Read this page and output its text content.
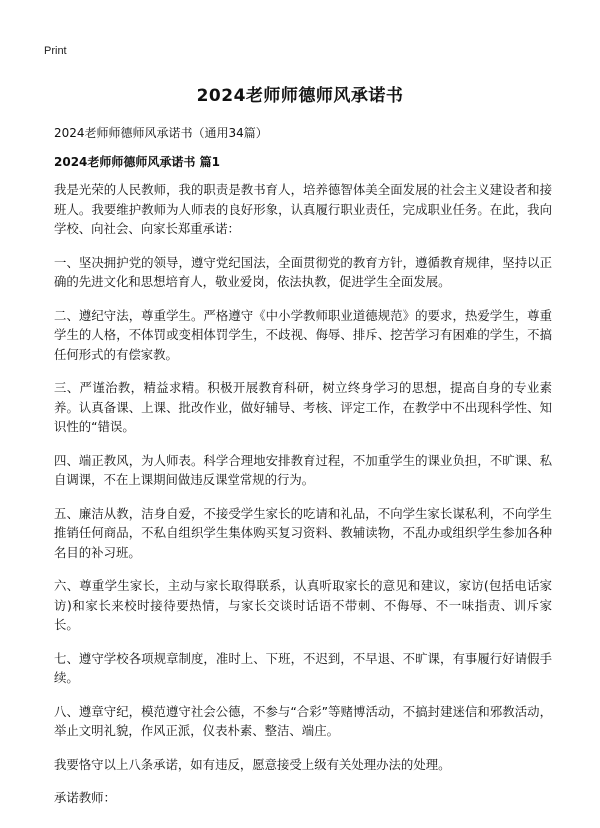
Print
2024老师师德师风承诺书
2024老师师德师风承诺书（通用34篇）
2024老师师德师风承诺书 篇1

我是光荣的人民教师，我的职责是教书育人，培养德智体美全面发展的社会主义建设者和接班人。我要维护教师为人师表的良好形象，认真履行职业责任，完成职业任务。在此，我向学校、向社会、向家长郑重承诺：

一、坚决拥护党的领导，遵守党纪国法，全面贯彻党的教育方针，遵循教育规律，坚持以正确的先进文化和思想培育人，敬业爱岗，依法执教，促进学生全面发展。

二、遵纪守法，尊重学生。严格遵守《中小学教师职业道德规范》的要求，热爱学生，尊重学生的人格，不体罚或变相体罚学生，不歧视、侮辱、排斥、挖苦学习有困难的学生，不搞任何形式的有偿家教。

三、严谨治教，精益求精。积极开展教育科研，树立终身学习的思想，提高自身的专业素养。认真备课、上课、批改作业，做好辅导、考核、评定工作，在教学中不出现科学性、知识性的“错误。

四、端正教风，为人师表。科学合理地安排教育过程，不加重学生的课业负担，不旷课、私自调课，不在上课期间做违反课堂常规的行为。

五、廉洁从教，洁身自爱，不接受学生家长的吃请和礼品，不向学生家长谋私利，不向学生推销任何商品，不私自组织学生集体购买复习资料、教辅读物，不乱办或组织学生参加各种名目的补习班。

六、尊重学生家长，主动与家长取得联系，认真听取家长的意见和建议，家访(包括电话家访)和家长来校时接待要热情，与家长交谈时话语不带刺、不侮辱、不一味指责、训斥家长。

七、遵守学校各项规章制度，准时上、下班，不迟到，不早退、不旷课，有事履行好请假手续。

八、遵章守纪，模范遵守社会公德，不参与“合彩”等赌博活动，不搞封建迷信和邪教活动，举止文明礼貌，作风正派，仪表朴素、整洁、端庄。

我要恪守以上八条承诺，如有违反，愿意接受上级有关处理办法的处理。

承诺教师：
